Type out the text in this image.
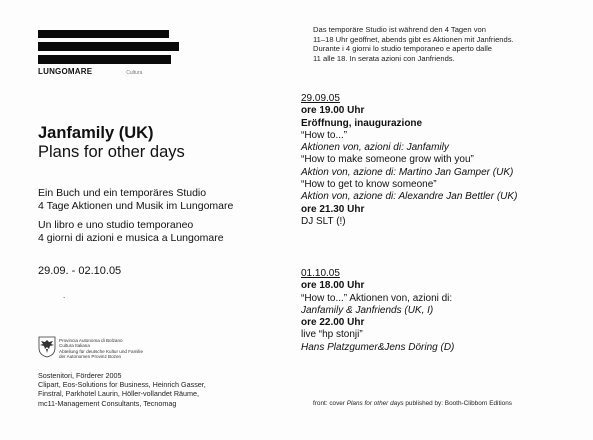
LUNGOMARE	Cultura
Janfamily (UK)
Plans for other days
Ein Buch und ein temporäres Studio
4 Tage Aktionen und Musik im Lungomare
Un libro e uno studio temporaneo
4 giorni di azioni e musica a Lungomare
29.09. - 02.10.05
.
Provincia Autonoma di Bolzano
Cultura Italiana
Abteilung für deutsche Kultur und Familie
der Autonomen Provinz Bozen
Sostenitori, Förderer 2005
Clipart, Eos-Solutions for Business, Heinrich Gasser,
Finstral, Parkhotel Laurin, Höller-vollandet Räume,
mc11-Management Consultants, Tecnomag
Das temporäre Studio ist während den 4 Tagen von
11–18 Uhr geöffnet, abends gibt es Aktionen mit Janfriends.
Durante i 4 giorni lo studio temporaneo e aperto dalle
11 alle 18. In serata azioni con Janfriends.
29.09.05
ore 19.00 Uhr
Eröffnung, inaugurazione
“How to...”
Aktionen von, azioni di: Janfamily
“How to make someone grow with you”
Aktion von, azione di: Martino Jan Gamper (UK)
“How to get to know someone”
Aktion von, azione di: Alexandre Jan Bettler (UK)
ore 21.30 Uhr
DJ SLT (!)
01.10.05
ore 18.00 Uhr
“How to...” Aktionen von, azioni di:
Janfamily & Janfriends (UK, I)
ore 22.00 Uhr
live “hp stonji”
Hans Platzgumer&Jens Döring (D)
front: cover Plans for other days published by: Booth-Clibborn Editions
